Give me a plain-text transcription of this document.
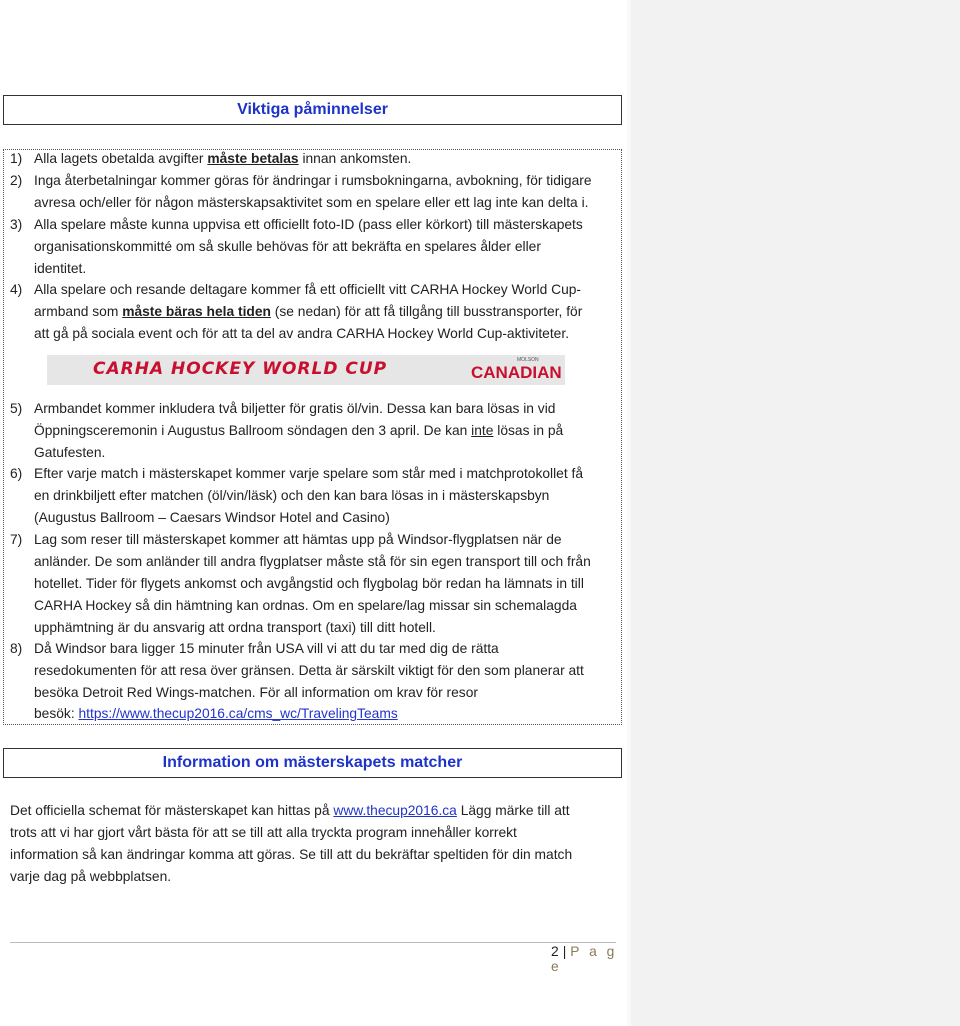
Viktiga påminnelser
1) Alla lagets obetalda avgifter måste betalas innan ankomsten.
2) Inga återbetalningar kommer göras för ändringar i rumsbokningarna, avbokning, för tidigare
avresa och/eller för någon mästerskapsaktivitet som en spelare eller ett lag inte kan delta i.
3) Alla spelare måste kunna uppvisa ett officiellt foto-ID (pass eller körkort) till mästerskapets
organisationskommitté om så skulle behövas för att bekräfta en spelares ålder eller
identitet.
4) Alla spelare och resande deltagare kommer få ett officiellt vitt CARHA Hockey World Cup-
armband som måste bäras hela tiden (se nedan) för att få tillgång till busstransporter, för
att gå på sociala event och för att ta del av andra CARHA Hockey World Cup-aktiviteter.
CARHA HOCKEY WORLD CUP	MOLSON
CANADIAN
5) Armbandet kommer inkludera två biljetter för gratis öl/vin. Dessa kan bara lösas in vid
Öppningsceremonin i Augustus Ballroom söndagen den 3 april. De kan inte lösas in på
Gatufesten.
6) Efter varje match i mästerskapet kommer varje spelare som står med i matchprotokollet få
en drinkbiljett efter matchen (öl/vin/läsk) och den kan bara lösas in i mästerskapsbyn
(Augustus Ballroom – Caesars Windsor Hotel and Casino)
7) Lag som reser till mästerskapet kommer att hämtas upp på Windsor-flygplatsen när de
anländer. De som anländer till andra flygplatser måste stå för sin egen transport till och från
hotellet. Tider för flygets ankomst och avgångstid och flygbolag bör redan ha lämnats in till
CARHA Hockey så din hämtning kan ordnas. Om en spelare/lag missar sin schemalagda
upphämtning är du ansvarig att ordna transport (taxi) till ditt hotell.
8) Då Windsor bara ligger 15 minuter från USA vill vi att du tar med dig de rätta
resedokumenten för att resa över gränsen. Detta är särskilt viktigt för den som planerar att
besöka Detroit Red Wings-matchen. För all information om krav för resor
besök: https://www.thecup2016.ca/cms_wc/TravelingTeams
Information om mästerskapets matcher
Det officiella schemat för mästerskapet kan hittas på www.thecup2016.ca Lägg märke till att
trots att vi har gjort vårt bästa för att se till att alla tryckta program innehåller korrekt
information så kan ändringar komma att göras. Se till att du bekräftar speltiden för din match
varje dag på webbplatsen.
2 | P a g e
